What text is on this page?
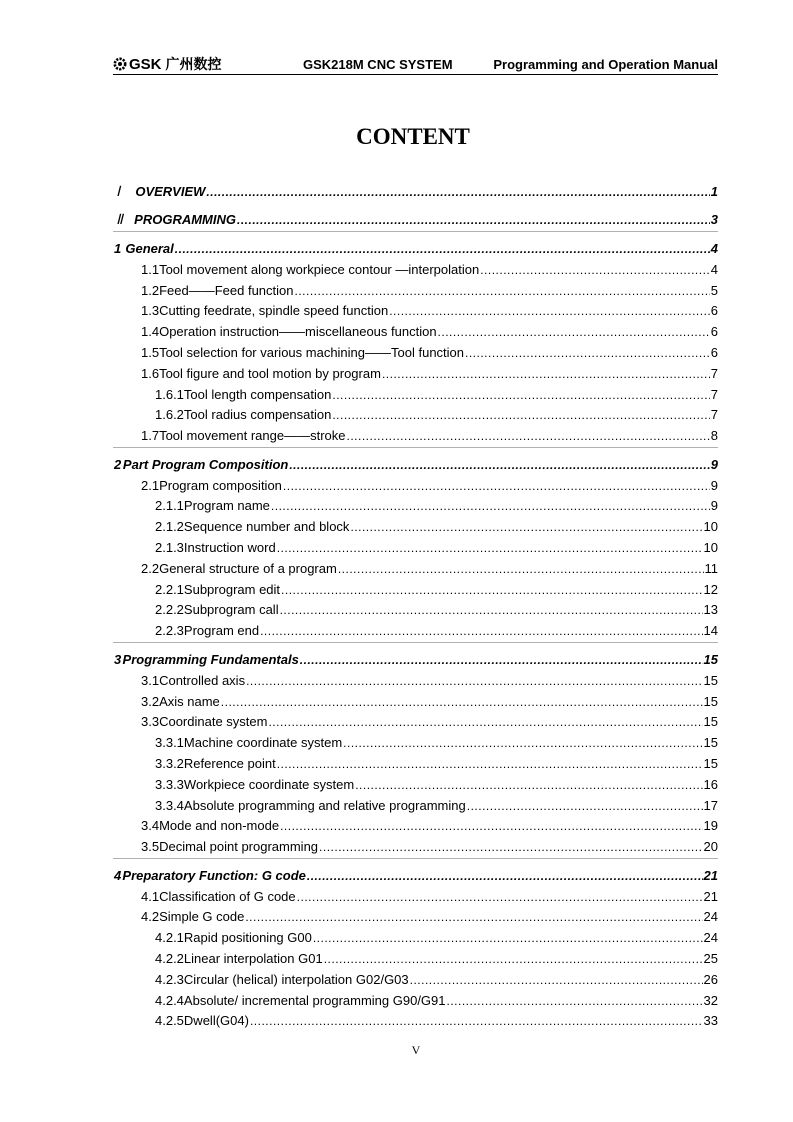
GSK 广州数控	GSK218M CNC SYSTEM	Programming and Operation Manual
CONTENT
Ⅰ	OVERVIEW .....	1
Ⅱ PROGRAMMING .....	3
1 General .....	4
1.1 Tool movement along workpiece contour —interpolation .....	4
1.2 Feed——Feed function .....	5
1.3 Cutting feedrate, spindle speed function .....	6
1.4 Operation instruction——miscellaneous function .....	6
1.5 Tool selection for various machining——Tool function .....	6
1.6 Tool figure and tool motion by program .....	7
1.6.1 Tool length compensation .....	7
1.6.2 Tool radius compensation .....	7
1.7 Tool movement range——stroke .....	8
2 Part Program Composition .....	9
2.1 Program composition .....	9
2.1.1 Program name .....	9
2.1.2 Sequence number and block .....	10
2.1.3 Instruction word .....	10
2.2 General structure of a program .....	11
2.2.1 Subprogram edit .....	12
2.2.2 Subprogram call .....	13
2.2.3 Program end .....	14
3 Programming Fundamentals .....	15
3.1 Controlled axis .....	15
3.2 Axis name .....	15
3.3 Coordinate system .....	15
3.3.1 Machine coordinate system .....	15
3.3.2 Reference point .....	15
3.3.3 Workpiece coordinate system .....	16
3.3.4 Absolute programming and relative programming .....	17
3.4 Mode and non-mode .....	19
3.5 Decimal point programming .....	20
4 Preparatory Function: G code .....	21
4.1 Classification of G code .....	21
4.2 Simple G code .....	24
4.2.1 Rapid positioning G00 .....	24
4.2.2 Linear interpolation G01 .....	25
4.2.3 Circular (helical) interpolation G02/G03 .....	26
4.2.4 Absolute/ incremental programming G90/G91 .....	32
4.2.5 Dwell(G04) .....	33
V
